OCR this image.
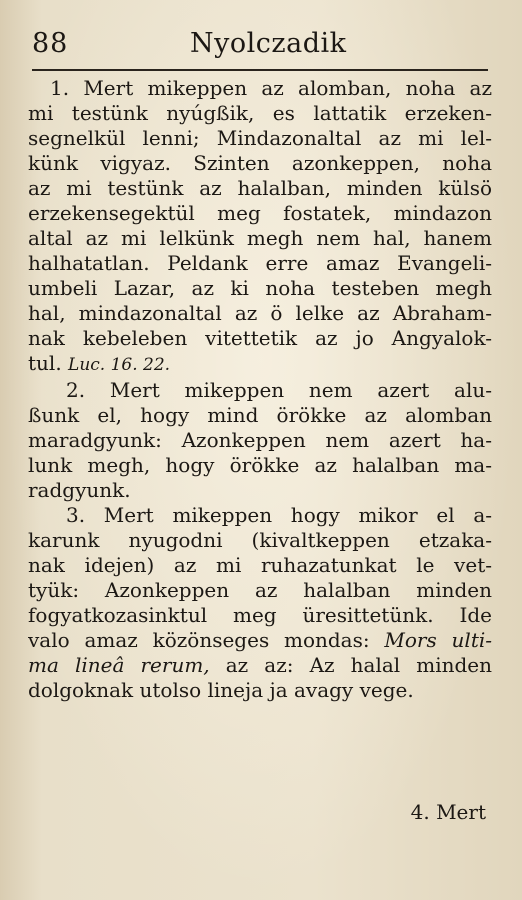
88	Nyolczadik
1. Mert mikeppen az alomban, noha az
mi testünk nyúgßik, es lattatik erzeken-
segnelkül lenni; Mindazonaltal az mi lel-
künk vigyaz. Szinten azonkeppen, noha
az mi testünk az halalban, minden külsö
erzekensegektül meg fostatek, mindazon
altal az mi lelkünk megh nem hal, hanem
halhatatlan. Peldank erre amaz Evangeli-
umbeli Lazar, az ki noha testeben megh
hal, mindazonaltal az ö lelke az Abraham-
nak kebeleben vitettetik az jo Angyalok-
tul. Luc. 16. 22.
2. Mert mikeppen nem azert alu-
ßunk el, hogy mind örökke az alomban
maradgyunk: Azonkeppen nem azert ha-
lunk megh, hogy örökke az halalban ma-
radgyunk.
3. Mert mikeppen hogy mikor el a-
karunk nyugodni (kivaltkeppen etzaka-
nak idejen) az mi ruhazatunkat le vet-
tyük: Azonkeppen az halalban minden
fogyatkozasinktul meg üresittetünk. Ide
valo amaz közönseges mondas: Mors ulti-
ma lineâ rerum, az az: Az halal minden
dolgoknak utolso lineja ja avagy vege.
4. Mert
